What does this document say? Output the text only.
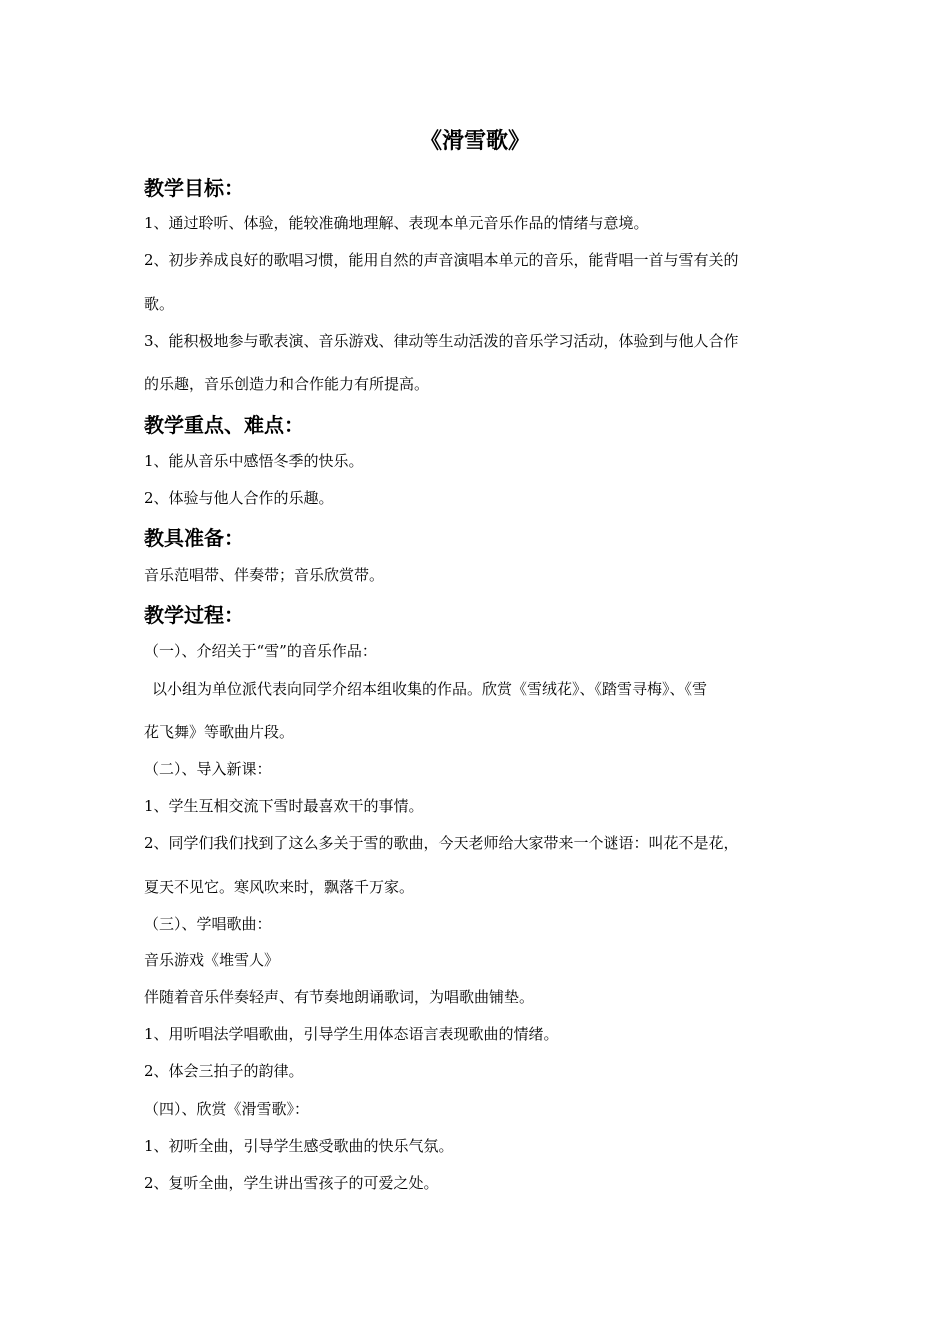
《滑雪歌》
教学目标：
1、通过聆听、体验，能较准确地理解、表现本单元音乐作品的情绪与意境。
2、初步养成良好的歌唱习惯，能用自然的声音演唱本单元的音乐，能背唱一首与雪有关的
歌。
3、能积极地参与歌表演、音乐游戏、律动等生动活泼的音乐学习活动，体验到与他人合作
的乐趣，音乐创造力和合作能力有所提高。
教学重点、难点：
1、能从音乐中感悟冬季的快乐。
2、体验与他人合作的乐趣。
教具准备：
音乐范唱带、伴奏带；音乐欣赏带。
教学过程：
（一）、介绍关于“雪”的音乐作品：
以小组为单位派代表向同学介绍本组收集的作品。欣赏《雪绒花》、《踏雪寻梅》、《雪
花飞舞》等歌曲片段。
（二）、导入新课：
1、学生互相交流下雪时最喜欢干的事情。
2、同学们我们找到了这么多关于雪的歌曲，今天老师给大家带来一个谜语：叫花不是花，
夏天不见它。寒风吹来时，飘落千万家。
（三）、学唱歌曲：
音乐游戏《堆雪人》
伴随着音乐伴奏轻声、有节奏地朗诵歌词，为唱歌曲铺垫。
1、用听唱法学唱歌曲，引导学生用体态语言表现歌曲的情绪。
2、体会三拍子的韵律。
（四）、欣赏《滑雪歌》：
1、初听全曲，引导学生感受歌曲的快乐气氛。
2、复听全曲，学生讲出雪孩子的可爱之处。
